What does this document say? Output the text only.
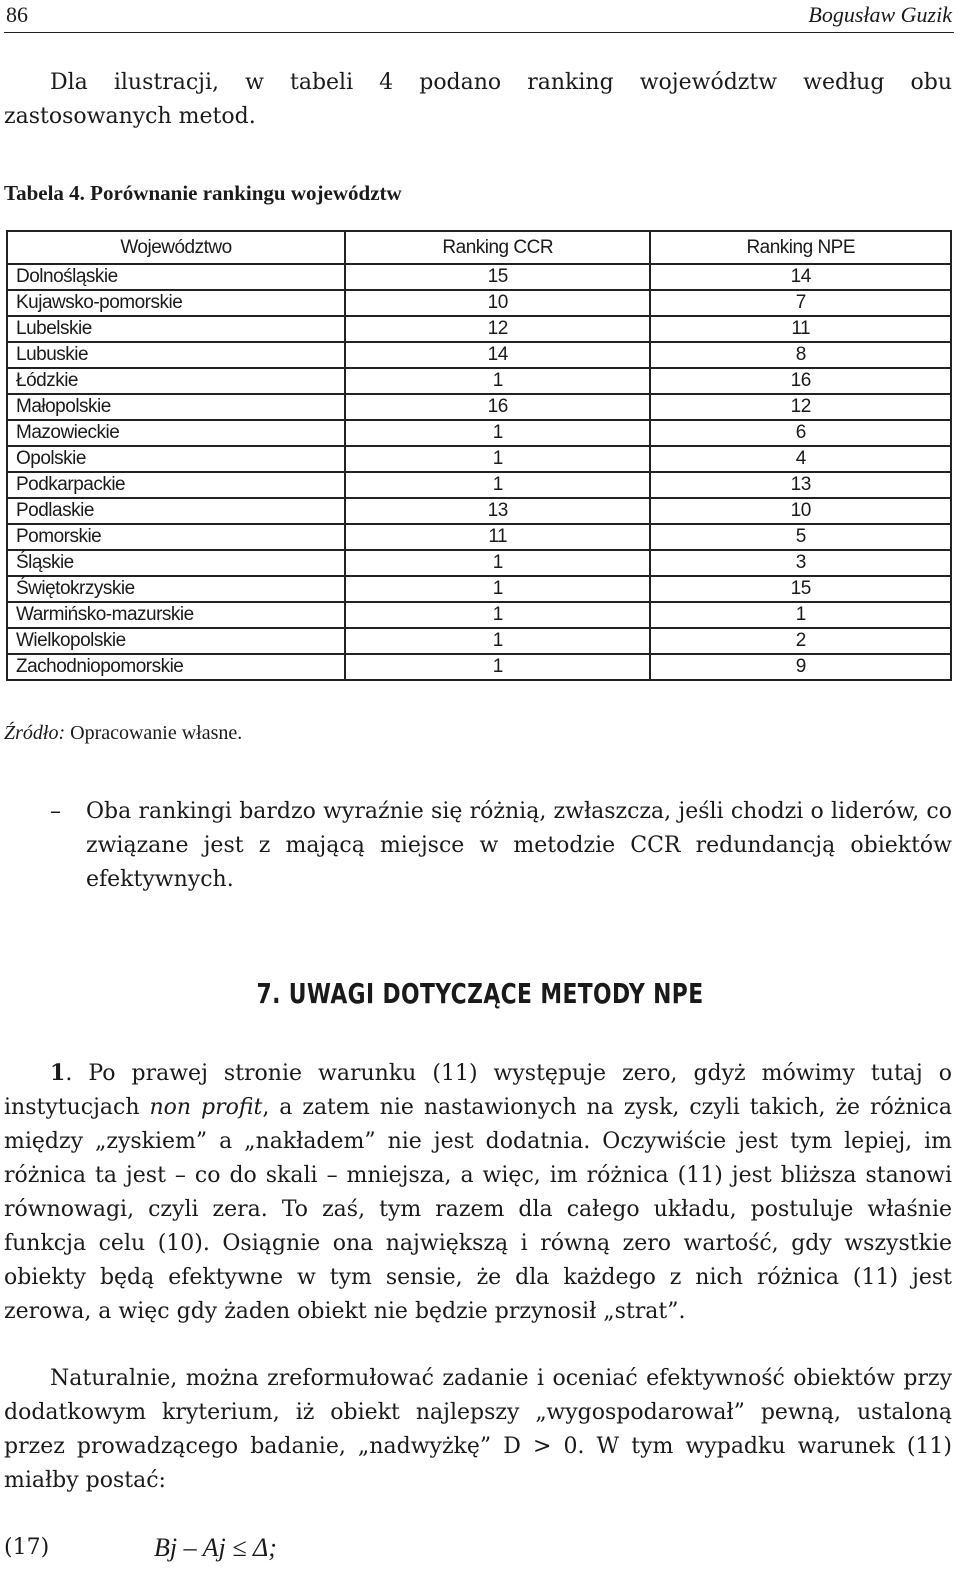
86	Bogusław Guzik
Dla ilustracji, w tabeli 4 podano ranking województw według obu zastosowanych metod.
Tabela 4. Porównanie rankingu województw
Województwo	Ranking CCR	Ranking NPE
Dolnośląskie	15	14
Kujawsko-pomorskie	10	7
Lubelskie	12	11
Lubuskie	14	8
Łódzkie	1	16
Małopolskie	16	12
Mazowieckie	1	6
Opolskie	1	4
Podkarpackie	1	13
Podlaskie	13	10
Pomorskie	11	5
Śląskie	1	3
Świętokrzyskie	1	15
Warmińsko-mazurskie	1	1
Wielkopolskie	1	2
Zachodniopomorskie	1	9
Źródło: Opracowanie własne.
– Oba rankingi bardzo wyraźnie się różnią, zwłaszcza, jeśli chodzi o liderów, co związane jest z mającą miejsce w metodzie CCR redundancją obiektów efektywnych.
7. UWAGI DOTYCZĄCE METODY NPE
1. Po prawej stronie warunku (11) występuje zero, gdyż mówimy tutaj o instytucjach non profit, a zatem nie nastawionych na zysk, czyli takich, że różnica między „zyskiem” a „nakładem” nie jest dodatnia. Oczywiście jest tym lepiej, im różnica ta jest – co do skali – mniejsza, a więc, im różnica (11) jest bliższa stanowi równowagi, czyli zera. To zaś, tym razem dla całego układu, postuluje właśnie funkcja celu (10). Osiągnie ona największą i równą zero wartość, gdy wszystkie obiekty będą efektywne w tym sensie, że dla każdego z nich różnica (11) jest zerowa, a więc gdy żaden obiekt nie będzie przynosił „strat”.
Naturalnie, można zreformułować zadanie i oceniać efektywność obiektów przy dodatkowym kryterium, iż obiekt najlepszy „wygospodarował” pewną, ustaloną przez prowadzącego badanie, „nadwyżkę” D > 0. W tym wypadku warunek (11) miałby postać:
(17)	Bj – Aj ≤ Δ;
